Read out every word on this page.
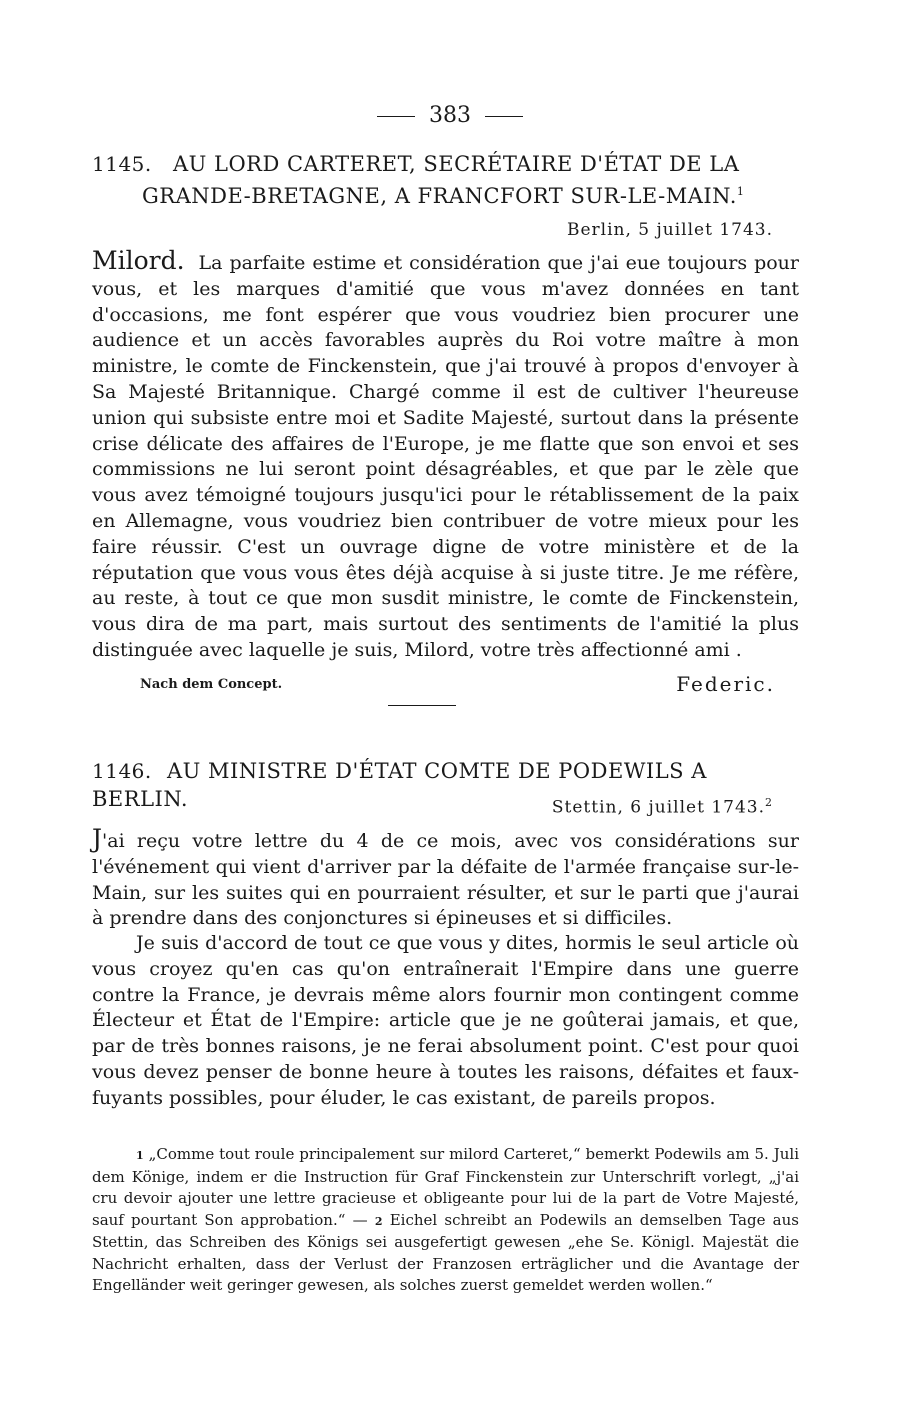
383
1145. AU LORD CARTERET, SECRÉTAIRE D'ÉTAT DE LA
GRANDE-BRETAGNE, A FRANCFORT SUR-LE-MAIN.$^1$
Berlin, 5 juillet 1743.

Milord. La parfaite estime et considération que j'ai eue toujours pour vous, et les marques d'amitié que vous m'avez données en tant d'occasions, me font espérer que vous voudriez bien procurer une audience et un accès favorables auprès du Roi votre maître à mon ministre, le comte de Finckenstein, que j'ai trouvé à propos d'envoyer à Sa Majesté Britannique. Chargé comme il est de cultiver l'heureuse union qui subsiste entre moi et Sadite Majesté, surtout dans la présente crise délicate des affaires de l'Europe, je me flatte que son envoi et ses commissions ne lui seront point désagréables, et que par le zèle que vous avez témoigné toujours jusqu'ici pour le rétablissement de la paix en Allemagne, vous voudriez bien contribuer de votre mieux pour les faire réussir. C'est un ouvrage digne de votre ministère et de la réputation que vous vous êtes déjà acquise à si juste titre. Je me réfère, au reste, à tout ce que mon susdit ministre, le comte de Finckenstein, vous dira de ma part, mais surtout des sentiments de l'amitié la plus distinguée avec laquelle je suis, Milord, votre très affectionné ami .

Nach dem Concept.	Federic.
1146. AU MINISTRE D'ÉTAT COMTE DE PODEWILS A BERLIN.	Stettin, 6 juillet 1743.$^2$

J'ai reçu votre lettre du 4 de ce mois, avec vos considérations sur l'événement qui vient d'arriver par la défaite de l'armée française sur-le-Main, sur les suites qui en pourraient résulter, et sur le parti que j'aurai à prendre dans des conjonctures si épineuses et si difficiles.

Je suis d'accord de tout ce que vous y dites, hormis le seul article où vous croyez qu'en cas qu'on entraînerait l'Empire dans une guerre contre la France, je devrais même alors fournir mon contingent comme Électeur et État de l'Empire: article que je ne goûterai jamais, et que, par de très bonnes raisons, je ne ferai absolument point. C'est pour quoi vous devez penser de bonne heure à toutes les raisons, défaites et faux-fuyants possibles, pour éluder, le cas existant, de pareils propos.

1 „Comme tout roule principalement sur milord Carteret,“ bemerkt Podewils am 5. Juli dem Könige, indem er die Instruction für Graf Finckenstein zur Unterschrift vorlegt, „j'ai cru devoir ajouter une lettre gracieuse et obligeante pour lui de la part de Votre Majesté, sauf pourtant Son approbation.“ — 2 Eichel schreibt an Podewils an demselben Tage aus Stettin, das Schreiben des Königs sei ausgefertigt gewesen „ehe Se. Königl. Majestät die Nachricht erhalten, dass der Verlust der Franzosen erträglicher und die Avantage der Engelländer weit geringer gewesen, als solches zuerst gemeldet werden wollen.“
